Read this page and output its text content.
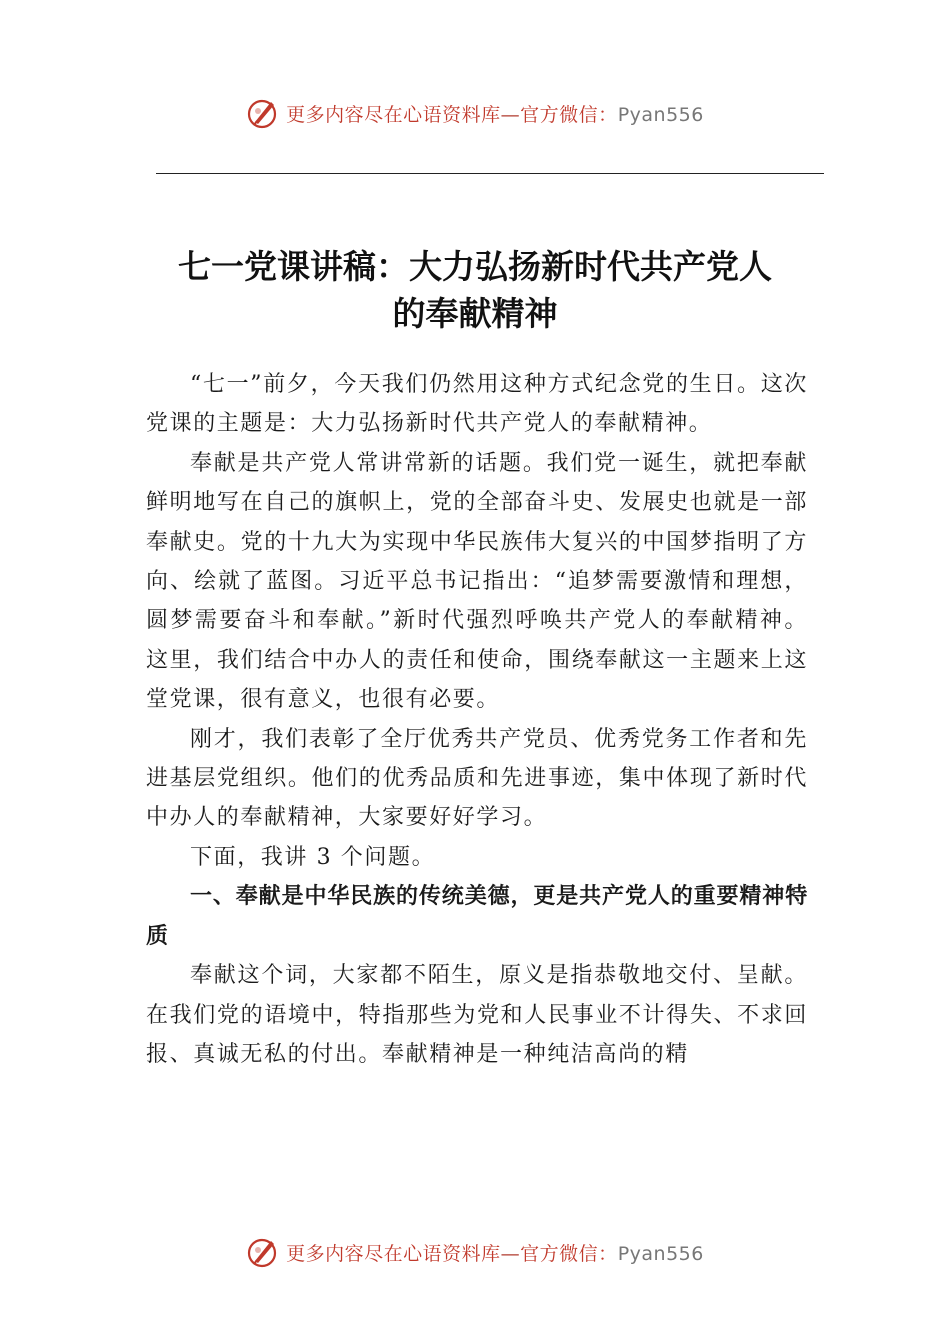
更多内容尽在心语资料库—官方微信：Pyan556
七一党课讲稿：大力弘扬新时代共产党人
的奉献精神

“七一”前夕，今天我们仍然用这种方式纪念党的生日。这次党课的主题是：大力弘扬新时代共产党人的奉献精神。

奉献是共产党人常讲常新的话题。我们党一诞生，就把奉献鲜明地写在自己的旗帜上，党的全部奋斗史、发展史也就是一部奉献史。党的十九大为实现中华民族伟大复兴的中国梦指明了方向、绘就了蓝图。习近平总书记指出：“追梦需要激情和理想，圆梦需要奋斗和奉献。”新时代强烈呼唤共产党人的奉献精神。这里，我们结合中办人的责任和使命，围绕奉献这一主题来上这堂党课，很有意义，也很有必要。

刚才，我们表彰了全厅优秀共产党员、优秀党务工作者和先进基层党组织。他们的优秀品质和先进事迹，集中体现了新时代中办人的奉献精神，大家要好好学习。

下面，我讲 3 个问题。

一、奉献是中华民族的传统美德，更是共产党人的重要精神特质

奉献这个词，大家都不陌生，原义是指恭敬地交付、呈献。在我们党的语境中，特指那些为党和人民事业不计得失、不求回报、真诚无私的付出。奉献精神是一种纯洁高尚的精

更多内容尽在心语资料库—官方微信：Pyan556
